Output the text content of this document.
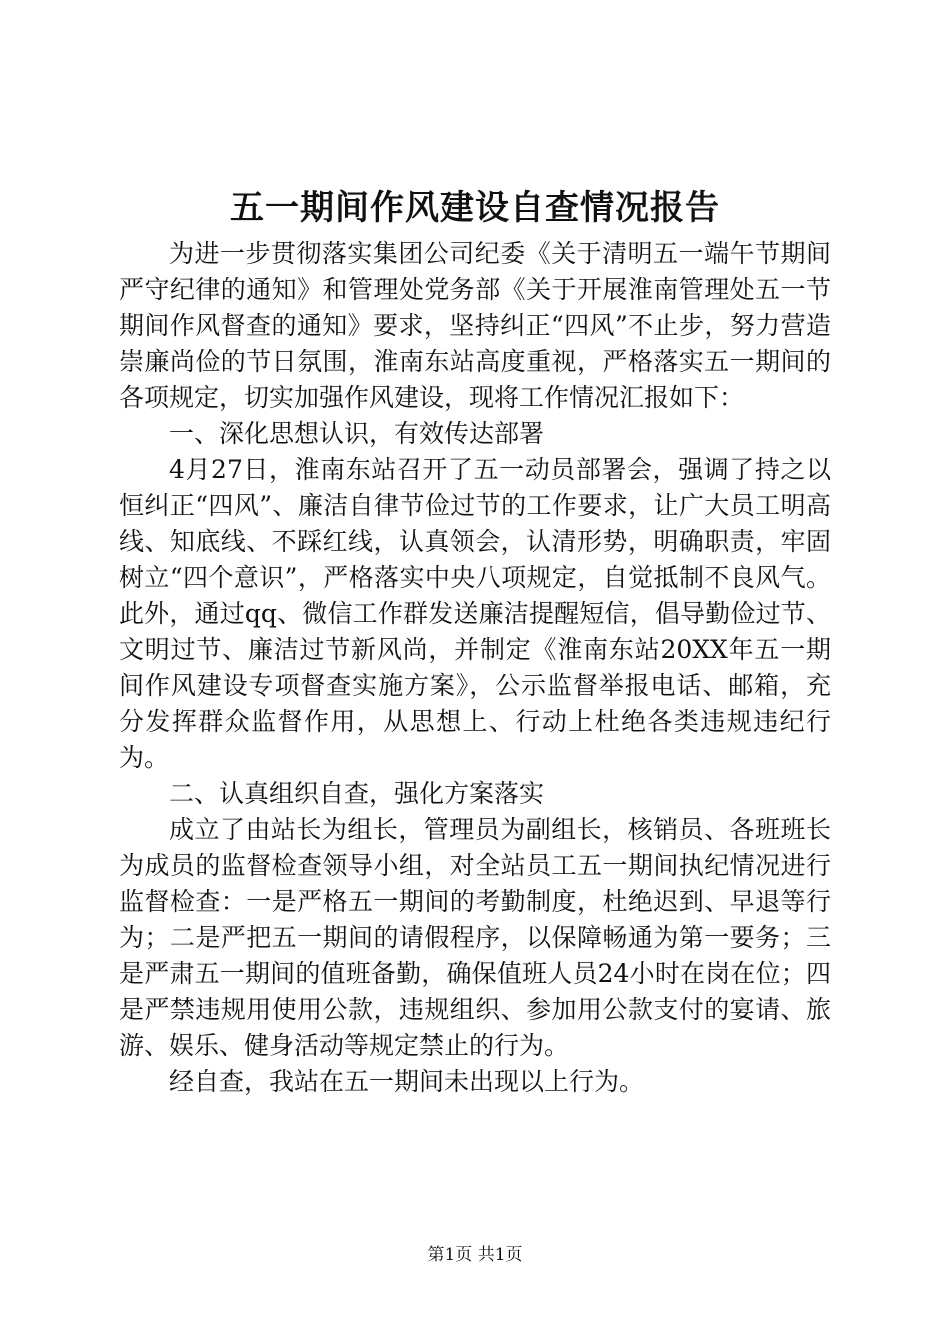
五一期间作风建设自查情况报告

为进一步贯彻落实集团公司纪委《关于清明五一端午节期间严守纪律的通知》和管理处党务部《关于开展淮南管理处五一节期间作风督查的通知》要求，坚持纠正“四风”不止步，努力营造崇廉尚俭的节日氛围，淮南东站高度重视，严格落实五一期间的各项规定，切实加强作风建设，现将工作情况汇报如下：

一、深化思想认识，有效传达部署

4月27日，淮南东站召开了五一动员部署会，强调了持之以恒纠正“四风”、廉洁自律节俭过节的工作要求，让广大员工明高线、知底线、不踩红线，认真领会，认清形势，明确职责，牢固树立“四个意识”，严格落实中央八项规定，自觉抵制不良风气。此外，通过qq、微信工作群发送廉洁提醒短信，倡导勤俭过节、文明过节、廉洁过节新风尚，并制定《淮南东站20XX年五一期间作风建设专项督查实施方案》，公示监督举报电话、邮箱，充分发挥群众监督作用，从思想上、行动上杜绝各类违规违纪行为。

二、认真组织自查，强化方案落实

成立了由站长为组长，管理员为副组长，核销员、各班班长为成员的监督检查领导小组，对全站员工五一期间执纪情况进行监督检查：一是严格五一期间的考勤制度，杜绝迟到、早退等行为；二是严把五一期间的请假程序，以保障畅通为第一要务；三是严肃五一期间的值班备勤，确保值班人员24小时在岗在位；四是严禁违规用使用公款，违规组织、参加用公款支付的宴请、旅游、娱乐、健身活动等规定禁止的行为。

经自查，我站在五一期间未出现以上行为。

第1页 共1页
